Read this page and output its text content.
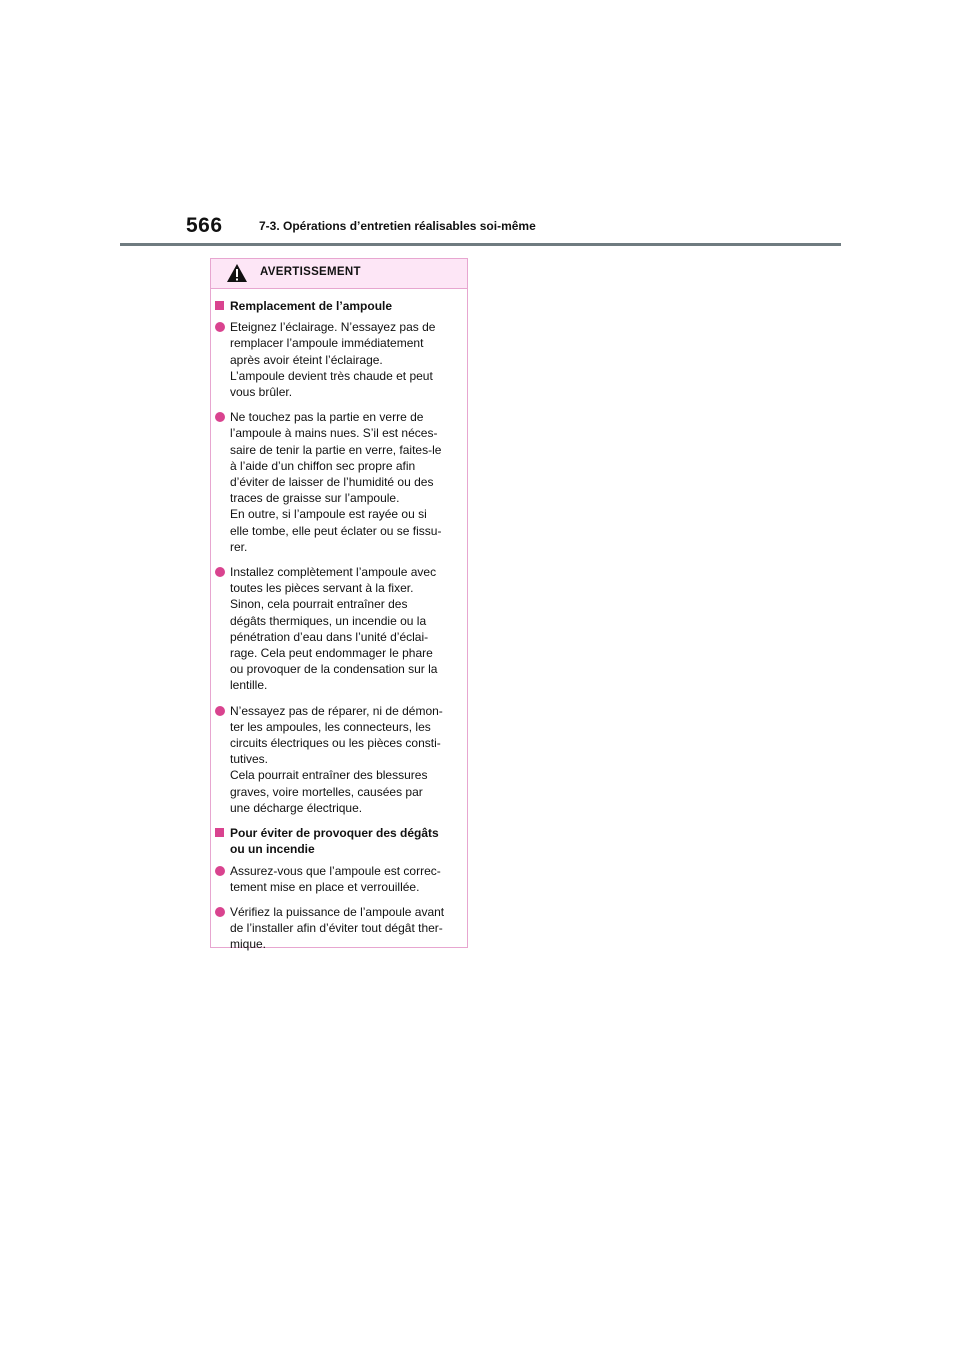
566	7-3. Opérations d’entretien réalisables soi-même
AVERTISSEMENT
Remplacement de l’ampoule
Eteignez l’éclairage. N’essayez pas de
remplacer l’ampoule immédiatement
après avoir éteint l’éclairage.
L’ampoule devient très chaude et peut
vous brûler.
Ne touchez pas la partie en verre de
l’ampoule à mains nues. S’il est néces-
saire de tenir la partie en verre, faites-le
à l’aide d’un chiffon sec propre afin
d’éviter de laisser de l’humidité ou des
traces de graisse sur l’ampoule.
En outre, si l’ampoule est rayée ou si
elle tombe, elle peut éclater ou se fissu-
rer.
Installez complètement l’ampoule avec
toutes les pièces servant à la fixer.
Sinon, cela pourrait entraîner des
dégâts thermiques, un incendie ou la
pénétration d’eau dans l’unité d’éclai-
rage. Cela peut endommager le phare
ou provoquer de la condensation sur la
lentille.
N’essayez pas de réparer, ni de démon-
ter les ampoules, les connecteurs, les
circuits électriques ou les pièces consti-
tutives.
Cela pourrait entraîner des blessures
graves, voire mortelles, causées par
une décharge électrique.
Pour éviter de provoquer des dégâts
ou un incendie
Assurez-vous que l’ampoule est correc-
tement mise en place et verrouillée.
Vérifiez la puissance de l’ampoule avant
de l’installer afin d’éviter tout dégât ther-
mique.
